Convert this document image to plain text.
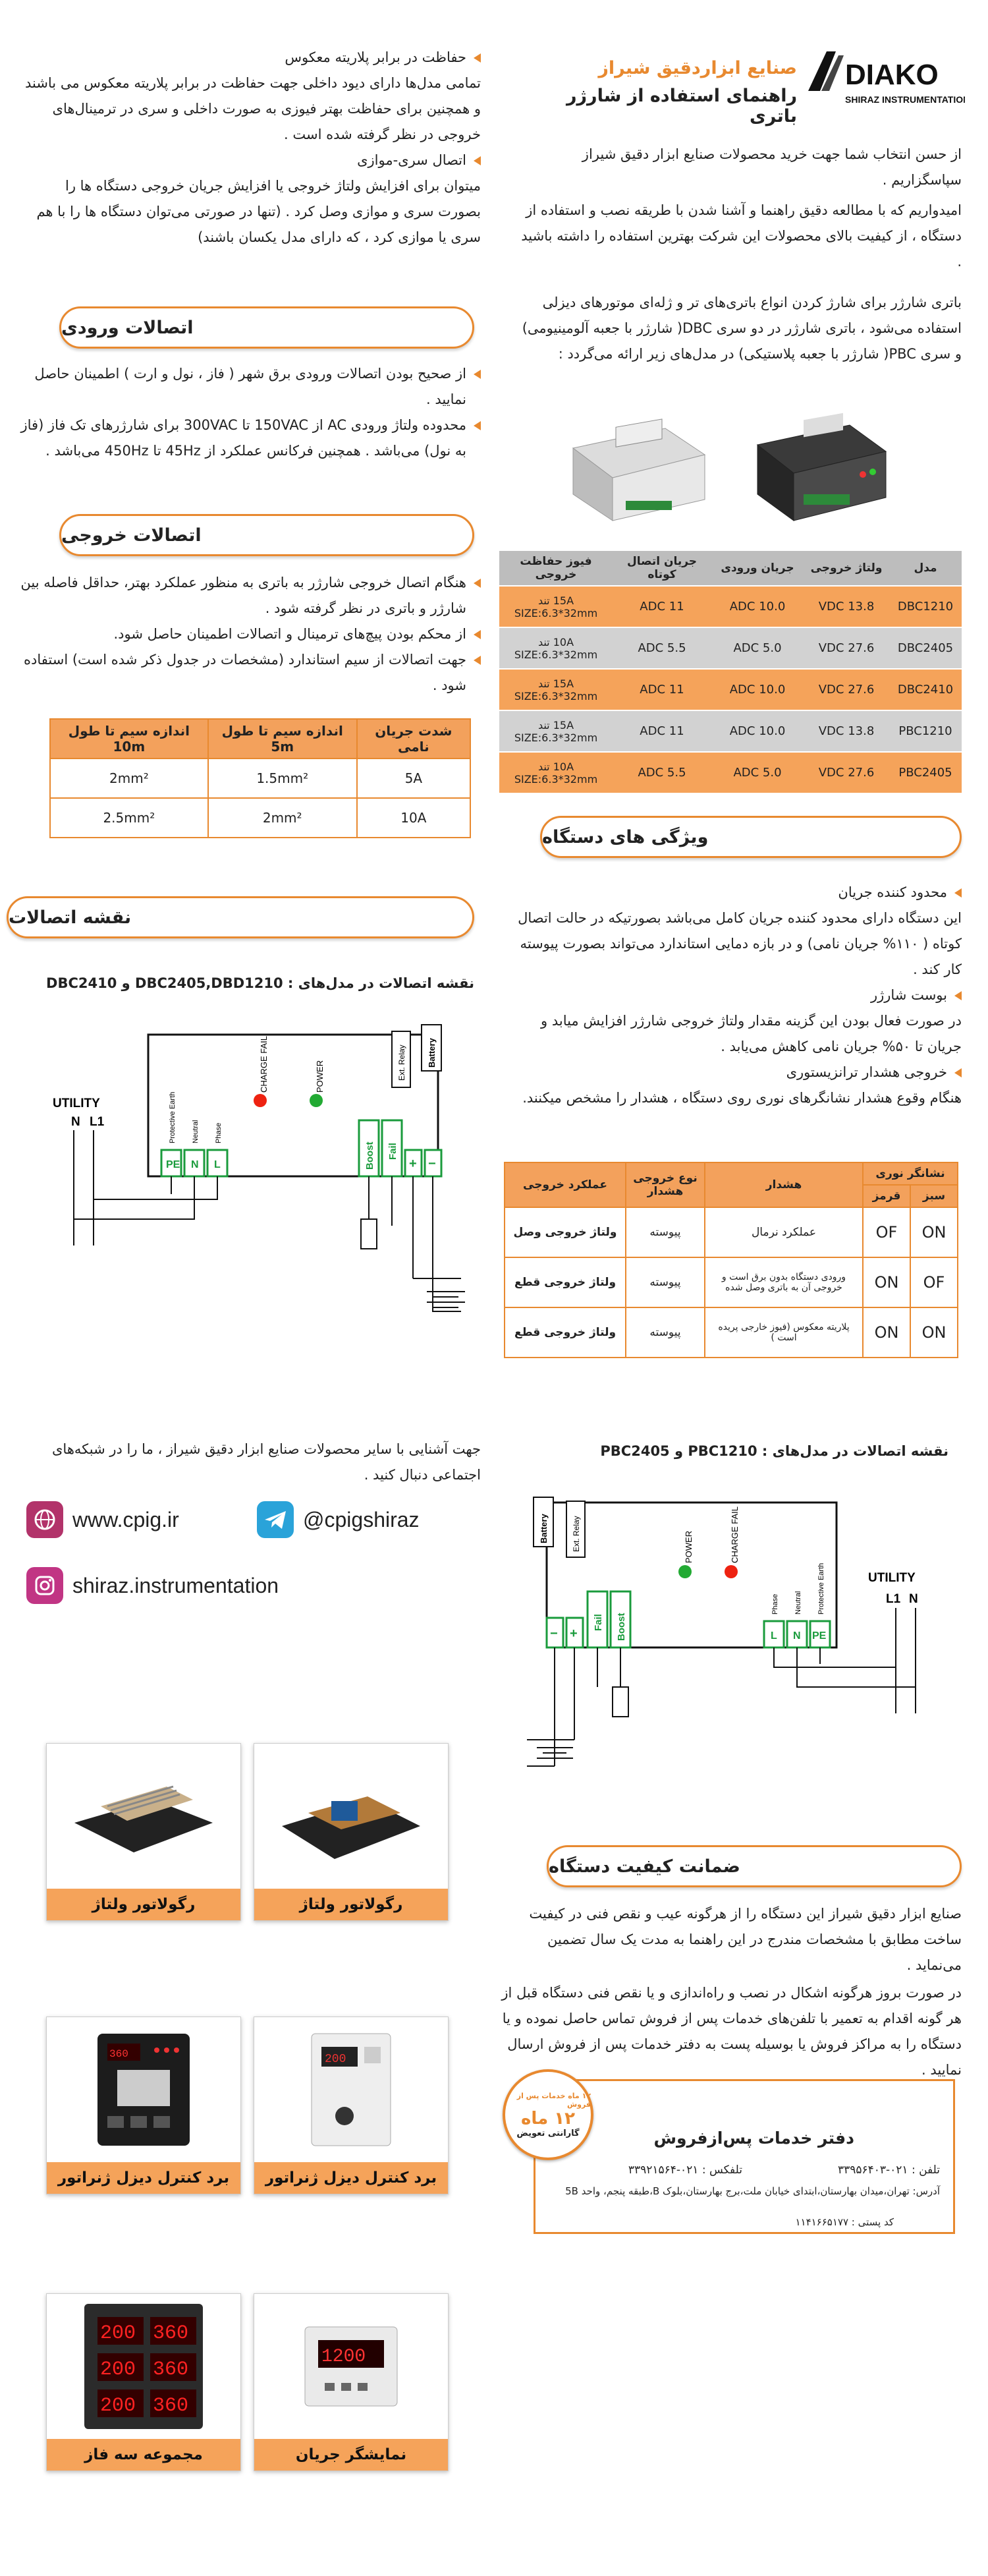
DIAKO
SHIRAZ INSTRUMENTATION
صنایع ابزاردقیق شیراز
راهنمای استفاده از شارژر باتری
از حسن انتخاب شما جهت خرید محصولات صنایع ابزار دقیق شیراز سپاسگزاریم .
امیدواریم که با مطالعه دقیق راهنما و آشنا شدن با طریقه نصب و استفاده از دستگاه ، از کیفیت بالای محصولات این شرکت بهترین استفاده را داشته باشید .
باتری شارژر برای شارژ کردن انواع باتری‌های تر و ژله‌ای موتورهای دیزلی استفاده می‌شود ، باتری شارژر در دو سری DBC( شارژر با جعبه آلومینیومی) و سری PBC( شارژر با جعبه پلاستیکی) در مدل‌های زیر ارائه می‌گردد :
مدل	ولتاژ خروجی	جریان ورودی	جریان اتصال کوتاه	فیوز حفاظت خروجی
DBC1210	13.8 VDC	10.0 ADC	11 ADC	15A تند
SIZE:6.3*32mm
DBC2405	27.6 VDC	5.0 ADC	5.5 ADC	10A تند
SIZE:6.3*32mm
DBC2410	27.6 VDC	10.0 ADC	11 ADC	15A تند
SIZE:6.3*32mm
PBC1210	13.8 VDC	10.0 ADC	11 ADC	15A تند
SIZE:6.3*32mm
PBC2405	27.6 VDC	5.0 ADC	5.5 ADC	10A تند
SIZE:6.3*32mm
ویژگی های دستگاه
محدود کننده جریان
این دستگاه دارای محدود کننده جریان کامل می‌باشد بصورتیکه در حالت اتصال کوتاه ( ۱۱۰% جریان نامی) و در بازه دمایی استاندارد می‌تواند بصورت پیوسته کار کند .
بوست شارژر
در صورت فعال بودن این گزینه مقدار ولتاژ خروجی شارژر افزایش میابد و جریان تا ۵۰% جریان نامی کاهش می‌یابد .
خروجی هشدار ترانزیستوری
هنگام وقوع هشدار نشانگرهای نوری روی دستگاه ، هشدار را مشخص میکنند.
نشانگر نوری		هشدار	نوع خروجی هشدار	عملکرد خروجی
سبز	قرمز			
ON	OF	عملکرد نرمال	پیوسته	ولتاژ خروجی وصل
OF	ON	ورودی دستگاه بدون برق است و خروجی آن به باتری وصل شده	پیوسته	ولتاژ خروجی قطع
ON	ON	پلاریته معکوس (فیوز خارجی پریده است )	پیوسته	ولتاژ خروجی قطع
حفاظت در برابر پلاریته معکوس
تمامی مدل‌ها دارای دیود داخلی جهت حفاظت در برابر پلاریته معکوس می باشند و همچنین برای حفاظت بهتر فیوزی به صورت داخلی و سری در ترمینال‌های خروجی در نظر گرفته شده است .
اتصال سری-موازی
میتوان برای افزایش ولتاژ خروجی یا افزایش جریان خروجی دستگاه ها را بصورت سری و موازی وصل کرد . (تنها در صورتی می‌توان دستگاه ها را با هم سری یا موازی کرد ، که دارای مدل یکسان باشند)
اتصالات ورودی
از صحیح بودن اتصالات ورودی برق شهر ( فاز ، نول و ارت ) اطمینان حاصل نمایید .
محدوده ولتاژ ورودی AC از 150VAC تا 300VAC برای شارژرهای تک فاز (فاز به نول) می‌باشد . همچنین فرکانس عملکرد از 45Hz تا 450Hz می‌باشد .
اتصالات خروجی
هنگام اتصال خروجی شارژر به باتری به منظور عملکرد بهتر، حداقل فاصله بین شارژر و باتری در نظر گرفته شود .
از محکم بودن پیچ‌های ترمینال و اتصالات اطمینان حاصل شود.
جهت اتصالات از سیم استاندارد (مشخصات در جدول ذکر شده است) استفاده شود .
شدت جریان نامی	اندازه سیم تا طول 5m	اندازه سیم تا طول 10m
5A	1.5mm²	2mm²
10A	2mm²	2.5mm²
نقشه اتصالات
نقشه اتصالات در مدل‌های : DBC2405,DBD1210 و DBC2410
PE N L
Protective Earth Neutral Phase
CHARGE FAIL	POWER
Boost Fail
+ −
Ext. Relay Battery
UTILITY
N L1
جهت آشنایی با سایر محصولات صنایع ابزار دقیق شیراز ، ما را در شبکه‌های اجتماعی دنبال کنید .
@cpigshiraz
www.cpig.ir
shiraz.instrumentation
رگولاتور ولتاژ
رگولاتور ولتاژ
200
برد کنترل دیزل ژنراتور
360
برد کنترل دیزل ژنراتور
1200
نمایشگر جریان
200 360
200 360
200 360
مجموعه سه فاز
نقشه اتصالات در مدل‌های : PBC1210 و PBC2405
Battery	Ext. Relay
− +
Fail Boost
POWER	CHARGE FAIL
L N PE
Phase Neutral Protective Earth	UTILITY
L1 N
ضمانت کیفیت دستگاه
صنایع ابزار دقیق شیراز این دستگاه را از هرگونه عیب و نقص فنی در کیفیت ساخت مطابق با مشخصات مندرج در این راهنما به مدت یک سال تضمین می‌نماید .
در صورت بروز هرگونه اشکال در نصب و راه‌اندازی و یا نقص فنی دستگاه قبل از هر گونه اقدام به تعمیر با تلفن‌های خدمات پس از فروش تماس حاصل نموده و یا دستگاه را به مراکز فروش یا بوسیله پست به دفتر خدمات پس از فروش ارسال نمایید .
دفتر خدمات پس‌ازفروش
تلفن : ۰۲۱-۳۳۹۵۶۴۰۳
تلفکس : ۰۲۱-۳۳۹۲۱۵۶۴
آدرس: تهران،میدان بهارستان،ابتدای خیابان ملت،برج بهارستان،بلوک B،طبقه پنجم، واحد 5B
کد پستی : ۱۱۴۱۶۶۵۱۷۷
۱۲ ماه خدمات پس از فروش
۱۲ ماه
گارانتی تعویض
